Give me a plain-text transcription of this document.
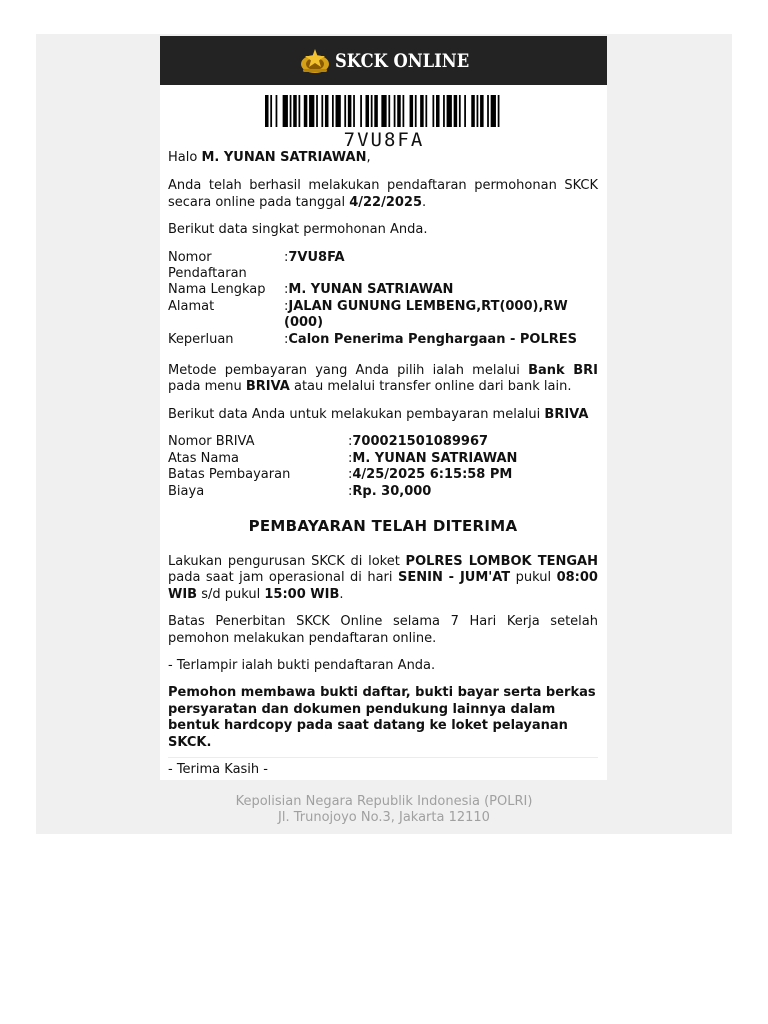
SKCK ONLINE
7VU8FA

Halo M. YUNAN SATRIAWAN,

Anda telah berhasil melakukan pendaftaran permohonan SKCK secara online pada tanggal 4/22/2025.

Berikut data singkat permohonan Anda.

Nomor Pendaftaran
:7VU8FA
Nama Lengkap	:M. YUNAN SATRIAWAN
Alamat	:JALAN GUNUNG LEMBENG,RT(000),RW (000)
Keperluan	:Calon Penerima Penghargaan - POLRES

Metode pembayaran yang Anda pilih ialah melalui Bank BRI pada menu BRIVA atau melalui transfer online dari bank lain.

Berikut data Anda untuk melakukan pembayaran melalui BRIVA

Nomor BRIVA	:700021501089967
Atas Nama	:M. YUNAN SATRIAWAN
Batas Pembayaran	:4/25/2025 6:15:58 PM
Biaya	:Rp. 30,000
PEMBAYARAN TELAH DITERIMA

Lakukan pengurusan SKCK di loket POLRES LOMBOK TENGAH pada saat jam operasional di hari SENIN - JUM'AT pukul 08:00 WIB s/d pukul 15:00 WIB.

Batas Penerbitan SKCK Online selama 7 Hari Kerja setelah pemohon melakukan pendaftaran online.

- Terlampir ialah bukti pendaftaran Anda.

Pemohon membawa bukti daftar, bukti bayar serta berkas persyaratan dan dokumen pendukung lainnya dalam bentuk hardcopy pada saat datang ke loket pelayanan SKCK.

- Terima Kasih -

Kepolisian Negara Republik Indonesia (POLRI)
Jl. Trunojoyo No.3, Jakarta 12110
